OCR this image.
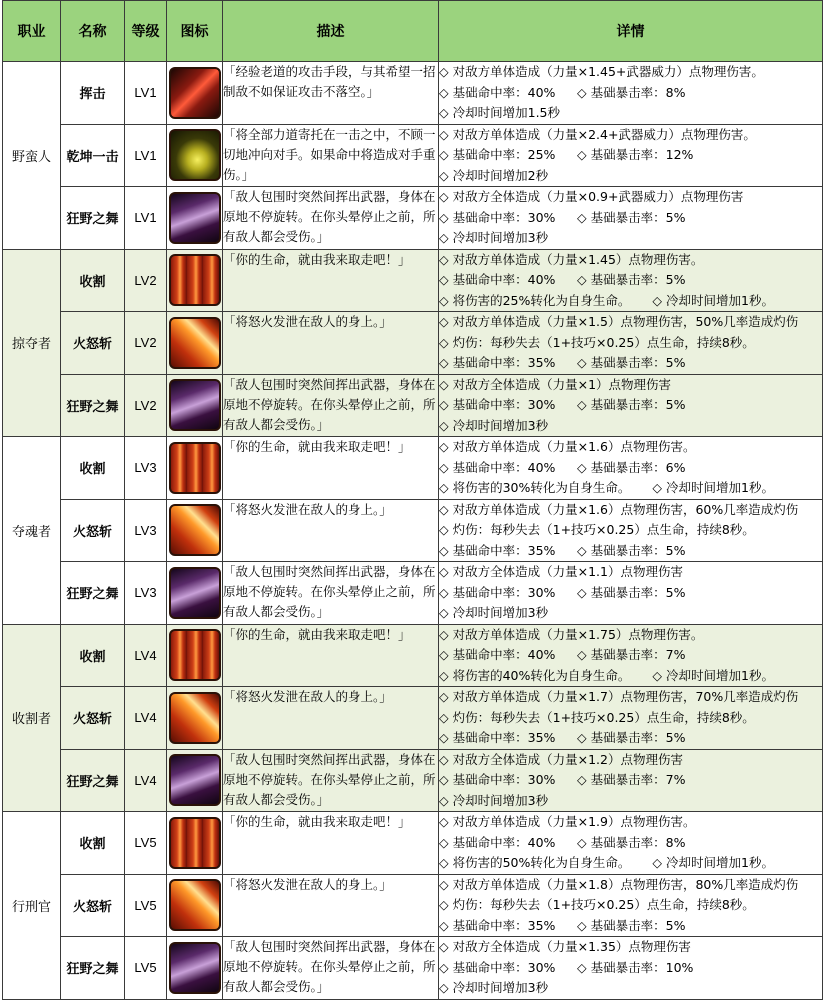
职业	名称	等级	图标	描述	详情
野蛮人	挥击	LV1		「经验老道的攻击手段，与其希望一招制敌不如保证攻击不落空。」	◇ 对敌方单体造成（力量×1.45+武器威力）点物理伤害。
◇ 基础命中率：40% ◇ 基础暴击率：8%
◇ 冷却时间增加1.5秒

	乾坤一击	LV1		「将全部力道寄托在一击之中，不顾一切地冲向对手。如果命中将造成对手重伤。」	◇ 对敌方单体造成（力量×2.4+武器威力）点物理伤害。
◇ 基础命中率：25% ◇ 基础暴击率：12%
◇ 冷却时间增加2秒

	狂野之舞	LV1		「敌人包围时突然间挥出武器，身体在原地不停旋转。在你头晕停止之前，所有敌人都会受伤。」	◇ 对敌方全体造成（力量×0.9+武器威力）点物理伤害
◇ 基础命中率：30% ◇ 基础暴击率：5%
◇ 冷却时间增加3秒

掠夺者	收割	LV2		「你的生命，就由我来取走吧！」	◇ 对敌方单体造成（力量×1.45）点物理伤害。
◇ 基础命中率：40% ◇ 基础暴击率：5%
◇ 将伤害的25%转化为自身生命。 ◇ 冷却时间增加1秒。

	火怒斩	LV2		「将怒火发泄在敌人的身上。」	◇ 对敌方单体造成（力量×1.5）点物理伤害，50%几率造成灼伤
◇ 灼伤：每秒失去（1+技巧×0.25）点生命，持续8秒。
◇ 基础命中率：35% ◇ 基础暴击率：5%

	狂野之舞	LV2		「敌人包围时突然间挥出武器，身体在原地不停旋转。在你头晕停止之前，所有敌人都会受伤。」	◇ 对敌方全体造成（力量×1）点物理伤害
◇ 基础命中率：30% ◇ 基础暴击率：5%
◇ 冷却时间增加3秒

夺魂者	收割	LV3		「你的生命，就由我来取走吧！」	◇ 对敌方单体造成（力量×1.6）点物理伤害。
◇ 基础命中率：40% ◇ 基础暴击率：6%
◇ 将伤害的30%转化为自身生命。 ◇ 冷却时间增加1秒。

	火怒斩	LV3		「将怒火发泄在敌人的身上。」	◇ 对敌方单体造成（力量×1.6）点物理伤害，60%几率造成灼伤
◇ 灼伤：每秒失去（1+技巧×0.25）点生命，持续8秒。
◇ 基础命中率：35% ◇ 基础暴击率：5%

	狂野之舞	LV3		「敌人包围时突然间挥出武器，身体在原地不停旋转。在你头晕停止之前，所有敌人都会受伤。」	◇ 对敌方全体造成（力量×1.1）点物理伤害
◇ 基础命中率：30% ◇ 基础暴击率：5%
◇ 冷却时间增加3秒

收割者	收割	LV4		「你的生命，就由我来取走吧！」	◇ 对敌方单体造成（力量×1.75）点物理伤害。
◇ 基础命中率：40% ◇ 基础暴击率：7%
◇ 将伤害的40%转化为自身生命。 ◇ 冷却时间增加1秒。

	火怒斩	LV4		「将怒火发泄在敌人的身上。」	◇ 对敌方单体造成（力量×1.7）点物理伤害，70%几率造成灼伤
◇ 灼伤：每秒失去（1+技巧×0.25）点生命，持续8秒。
◇ 基础命中率：35% ◇ 基础暴击率：5%

	狂野之舞	LV4		「敌人包围时突然间挥出武器，身体在原地不停旋转。在你头晕停止之前，所有敌人都会受伤。」	◇ 对敌方全体造成（力量×1.2）点物理伤害
◇ 基础命中率：30% ◇ 基础暴击率：7%
◇ 冷却时间增加3秒

行刑官	收割	LV5		「你的生命，就由我来取走吧！」	◇ 对敌方单体造成（力量×1.9）点物理伤害。
◇ 基础命中率：40% ◇ 基础暴击率：8%
◇ 将伤害的50%转化为自身生命。 ◇ 冷却时间增加1秒。

	火怒斩	LV5		「将怒火发泄在敌人的身上。」	◇ 对敌方单体造成（力量×1.8）点物理伤害，80%几率造成灼伤
◇ 灼伤：每秒失去（1+技巧×0.25）点生命，持续8秒。
◇ 基础命中率：35% ◇ 基础暴击率：5%

	狂野之舞	LV5		「敌人包围时突然间挥出武器，身体在原地不停旋转。在你头晕停止之前，所有敌人都会受伤。」	◇ 对敌方全体造成（力量×1.35）点物理伤害
◇ 基础命中率：30% ◇ 基础暴击率：10%
◇ 冷却时间增加3秒
